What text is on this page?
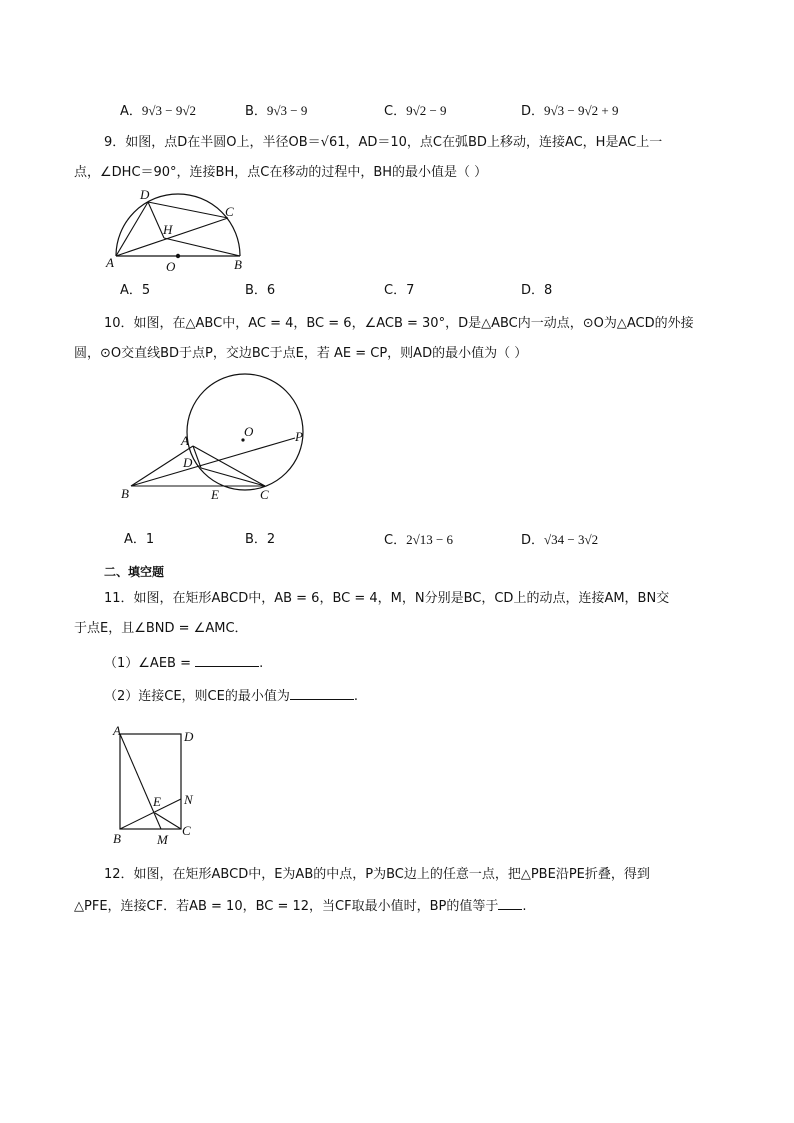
A．9√3 − 9√2	B．9√3 − 9	C．9√2 − 9	D．9√3 − 9√2 + 9
9．如图，点D在半圆O上，半径OB＝√61，AD＝10，点C在弧BD上移动，连接AC，H是AC上一
点，∠DHC＝90°，连接BH，点C在移动的过程中，BH的最小值是（ ）
A	B
C
D
H
O
A．5	B．6	C．7	D．8
10．如图，在△ABC中，AC = 4，BC = 6，∠ACB = 30°，D是△ABC内一动点，⊙O为△ACD的外接
圆，⊙O交直线BD于点P，交边BC于点E，若 AE = CP，则AD的最小值为（ ）
A
B	C
D
E
O	P
A．1	B．2	C．2√13 − 6	D．√34 − 3√2
二、填空题
11．如图，在矩形ABCD中，AB = 6，BC = 4，M，N分别是BC，CD上的动点，连接AM，BN交
于点E，且∠BND = ∠AMC．
（1）∠AEB =	.
（2）连接CE，则CE的最小值为	.
A	D
B
C
E N
M
12．如图，在矩形ABCD中，E为AB的中点，P为BC边上的任意一点，把△PBE沿PE折叠，得到
△PFE，连接CF．若AB = 10，BC = 12，当CF取最小值时，BP的值等于 .
